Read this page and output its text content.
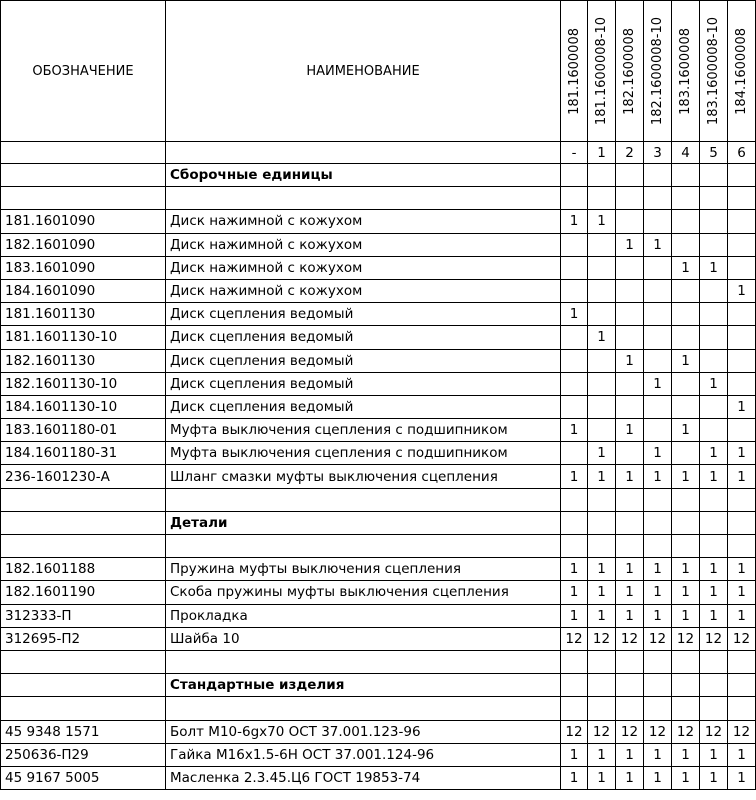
ОБОЗНАЧЕНИЕ	НАИМЕНОВАНИЕ	181.1600008	181.1600008-10	182.1600008	182.1600008-10	183.1600008	183.1600008-10	184.1600008

		-	1	2	3	4	5	6
	Сборочные единицы							

181.1601090	Диск нажимной с кожухом	1	1					
182.1601090	Диск нажимной с кожухом			1	1			
183.1601090	Диск нажимной с кожухом					1	1	
184.1601090	Диск нажимной с кожухом							1
181.1601130	Диск сцепления ведомый	1						
181.1601130-10	Диск сцепления ведомый		1					
182.1601130	Диск сцепления ведомый			1		1		
182.1601130-10	Диск сцепления ведомый				1		1	
184.1601130-10	Диск сцепления ведомый							1
183.1601180-01	Муфта выключения сцепления с подшипником	1		1		1		
184.1601180-31	Муфта выключения сцепления с подшипником		1		1		1	1
236-1601230-А	Шланг смазки муфты выключения сцепления	1	1	1	1	1	1	1

	Детали							

182.1601188	Пружина муфты выключения сцепления	1	1	1	1	1	1	1
182.1601190	Скоба пружины муфты выключения сцепления	1	1	1	1	1	1	1
312333-П	Прокладка	1	1	1	1	1	1	1
312695-П2	Шайба 10	12	12	12	12	12	12	12

	Стандартные изделия							

45 9348 1571	Болт М10-6gх70 ОСТ 37.001.123-96	12	12	12	12	12	12	12
250636-П29	Гайка М16х1.5-6Н ОСТ 37.001.124-96	1	1	1	1	1	1	1
45 9167 5005	Масленка 2.3.45.Ц6 ГОСТ 19853-74	1	1	1	1	1	1	1
